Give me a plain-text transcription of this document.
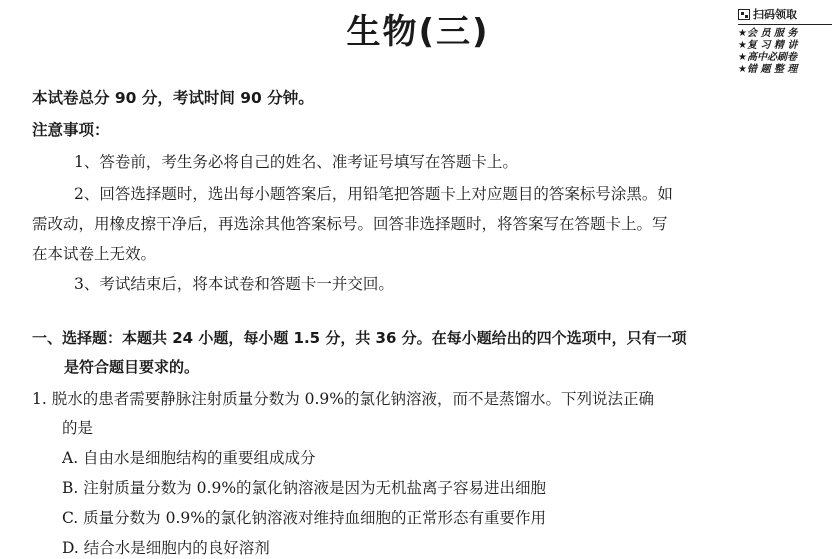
生物(三)	扫码领取
★会 员 服 务
★复 习 精 讲
★高中必刷卷
★错 题 整 理
本试卷总分 90 分，考试时间 90 分钟。
注意事项：
1、答卷前，考生务必将自己的姓名、准考证号填写在答题卡上。
2、回答选择题时，选出每小题答案后，用铅笔把答题卡上对应题目的答案标号涂黑。如
需改动，用橡皮擦干净后，再选涂其他答案标号。回答非选择题时，将答案写在答题卡上。写
在本试卷上无效。
3、考试结束后，将本试卷和答题卡一并交回。
一、选择题：本题共 24 小题，每小题 1.5 分，共 36 分。在每小题给出的四个选项中，只有一项
是符合题目要求的。
1. 脱水的患者需要静脉注射质量分数为 0.9%的氯化钠溶液，而不是蒸馏水。下列说法正确
的是
A. 自由水是细胞结构的重要组成成分
B. 注射质量分数为 0.9%的氯化钠溶液是因为无机盐离子容易进出细胞
C. 质量分数为 0.9%的氯化钠溶液对维持血细胞的正常形态有重要作用
D. 结合水是细胞内的良好溶剂
